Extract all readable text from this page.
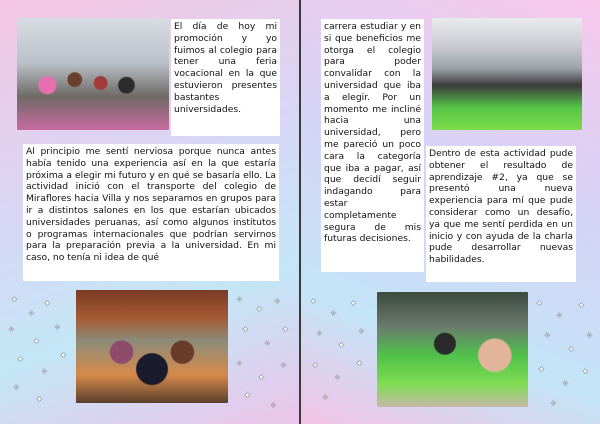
El día de hoy mi promoción y yo fuimos al colegio para tener una feria vocacional en la que estuvieron presentes bastantes universidades.
Al principio me sentí nerviosa porque nunca antes había tenido una experiencia así en la que estaría próxima a elegir mi futuro y en qué se basaría ello. La actividad inició con el transporte del colegio de Miraflores hacia Villa y nos separamos en grupos para ir a distintos salones en los que estarían ubicados universidades peruanas, así como algunos institutos o programas internacionales que podrían servirnos para la preparación previa a la universidad. En mi caso, no tenía ni idea de qué
✦
✧
✦
✧
✦
✧
✦
✧
✦
✧
✦
✧
✦
✧
✦
✧
✦
✧
✦
✧
✦
✧
carrera estudiar y en si que beneficios me otorga el colegio para poder convalidar con la universidad que iba a elegir. Por un momento me incliné hacia una universidad, pero me pareció un poco cara la categoría que iba a pagar, así que decidí seguir indagando para estar completamente segura de mis futuras decisiones.
Dentro de esta actividad pude obtener el resultado de aprendizaje #2, ya que se presentó una nueva experiencia para mí que pude considerar como un desafío, ya que me sentí perdida en un inicio y con ayuda de la charla pude desarrollar nuevas habilidades.
✦
✧
✦
✧
✦
✧
✦
✧
✦
✧
✦
✧
✦
✧
✦
✧
✦
✧
✦
✧
